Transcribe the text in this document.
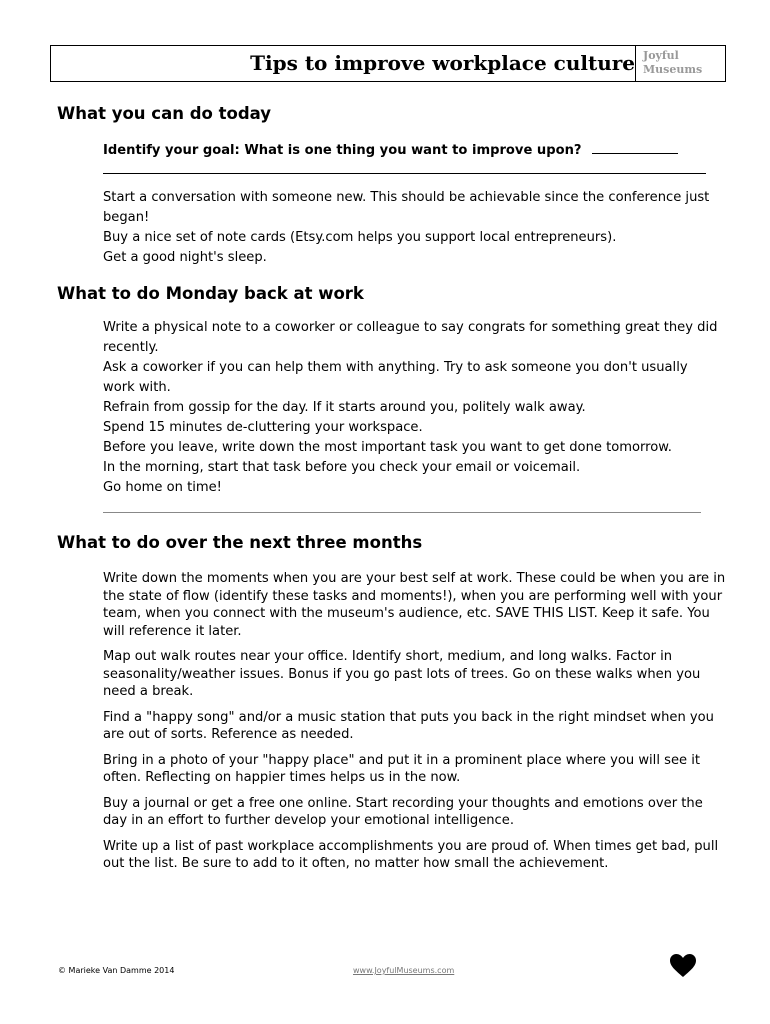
Tips to improve workplace culture Joyful
Museums
What you can do today

Identify your goal: What is one thing you want to improve upon?

Start a conversation with someone new. This should be achievable since the conference just began!

Buy a nice set of note cards (Etsy.com helps you support local entrepreneurs).

Get a good night's sleep.

What to do Monday back at work

Write a physical note to a coworker or colleague to say congrats for something great they did recently.

Ask a coworker if you can help them with anything. Try to ask someone you don't usually work with.

Refrain from gossip for the day. If it starts around you, politely walk away.

Spend 15 minutes de-cluttering your workspace.

Before you leave, write down the most important task you want to get done tomorrow.

In the morning, start that task before you check your email or voicemail.

Go home on time!

What to do over the next three months

Write down the moments when you are your best self at work. These could be when you are in the state of flow (identify these tasks and moments!), when you are performing well with your team, when you connect with the museum's audience, etc. SAVE THIS LIST. Keep it safe. You will reference it later.

Map out walk routes near your office. Identify short, medium, and long walks. Factor in seasonality/weather issues. Bonus if you go past lots of trees. Go on these walks when you need a break.

Find a "happy song" and/or a music station that puts you back in the right mindset when you are out of sorts. Reference as needed.

Bring in a photo of your "happy place" and put it in a prominent place where you will see it often. Reflecting on happier times helps us in the now.

Buy a journal or get a free one online. Start recording your thoughts and emotions over the day in an effort to further develop your emotional intelligence.

Write up a list of past workplace accomplishments you are proud of. When times get bad, pull out the list. Be sure to add to it often, no matter how small the achievement.

© Marieke Van Damme 2014	www.JoyfulMuseums.com
